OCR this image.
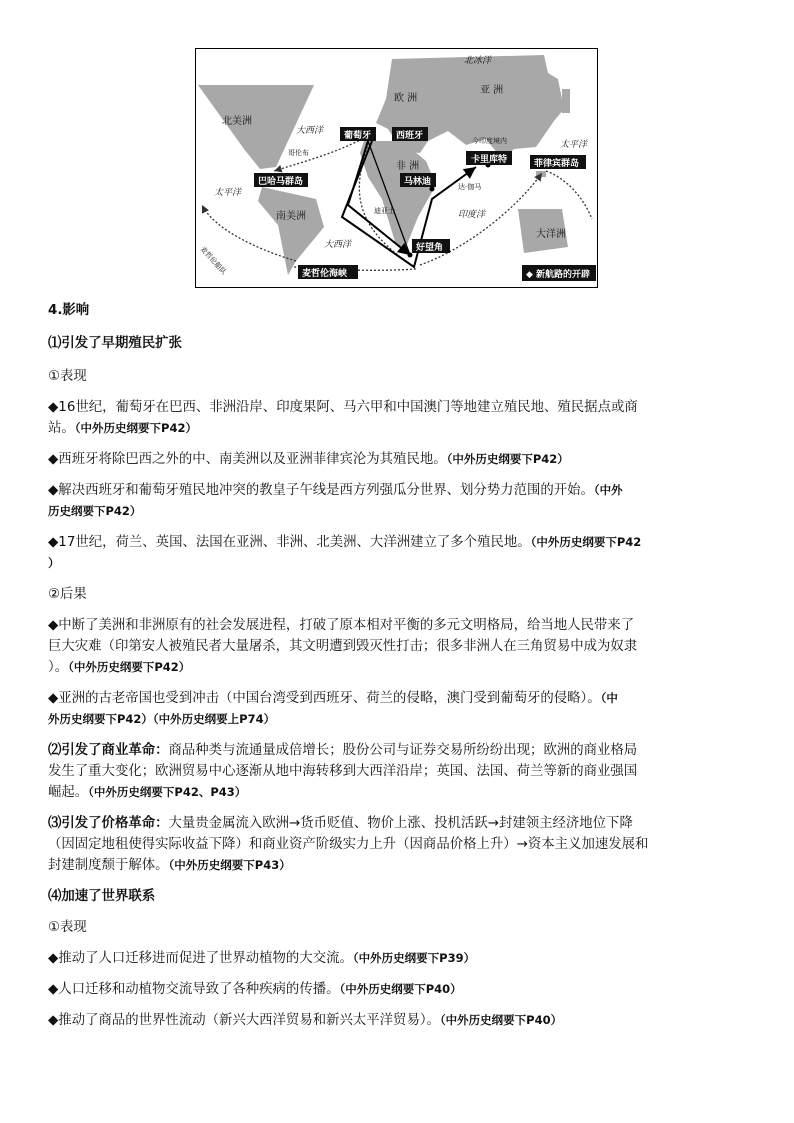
北冰洋
北美洲
欧 洲
亚 洲
非 洲
南美洲
大洋洲
大西洋
大西洋
太平洋
太平洋
印度洋
哥伦布
迪亚士
达·伽马
今印度境内
麦哲伦船队
葡萄牙	西班牙
卡里库特	菲律宾群岛
巴哈马群岛	马林迪
好望角
麦哲伦海峡	◆ 新航路的开辟

4.影响

⑴引发了早期殖民扩张

①表现

◆16世纪，葡萄牙在巴西、非洲沿岸、印度果阿、马六甲和中国澳门等地建立殖民地、殖民据点或商

站。（中外历史纲要下P42）

◆西班牙将除巴西之外的中、南美洲以及亚洲菲律宾沦为其殖民地。（中外历史纲要下P42）

◆解决西班牙和葡萄牙殖民地冲突的教皇子午线是西方列强瓜分世界、划分势力范围的开始。（中外

历史纲要下P42）

◆17世纪，荷兰、英国、法国在亚洲、非洲、北美洲、大洋洲建立了多个殖民地。（中外历史纲要下P42

）

②后果

◆中断了美洲和非洲原有的社会发展进程，打破了原本相对平衡的多元文明格局，给当地人民带来了

巨大灾难（印第安人被殖民者大量屠杀，其文明遭到毁灭性打击；很多非洲人在三角贸易中成为奴隶

）。（中外历史纲要下P42）

◆亚洲的古老帝国也受到冲击（中国台湾受到西班牙、荷兰的侵略，澳门受到葡萄牙的侵略）。（中

外历史纲要下P42）（中外历史纲要上P74）

⑵引发了商业革命：商品种类与流通量成倍增长；股份公司与证券交易所纷纷出现；欧洲的商业格局

发生了重大变化；欧洲贸易中心逐渐从地中海转移到大西洋沿岸；英国、法国、荷兰等新的商业强国

崛起。（中外历史纲要下P42、P43）

⑶引发了价格革命：大量贵金属流入欧洲→货币贬值、物价上涨、投机活跃→封建领主经济地位下降

（因固定地租使得实际收益下降）和商业资产阶级实力上升（因商品价格上升）→资本主义加速发展和

封建制度颓于解体。（中外历史纲要下P43）

⑷加速了世界联系

①表现

◆推动了人口迁移进而促进了世界动植物的大交流。（中外历史纲要下P39）

◆人口迁移和动植物交流导致了各种疾病的传播。（中外历史纲要下P40）

◆推动了商品的世界性流动（新兴大西洋贸易和新兴太平洋贸易）。（中外历史纲要下P40）
